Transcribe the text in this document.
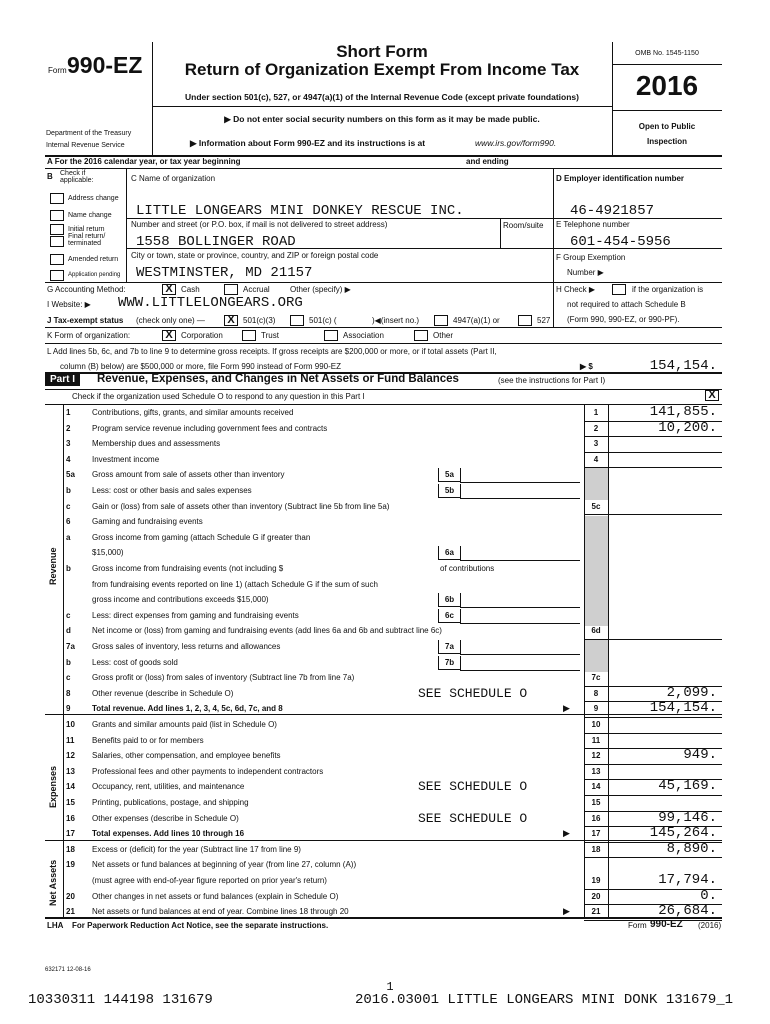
Form 990-EZ
Short Form
Return of Organization Exempt From Income Tax
Under section 501(c), 527, or 4947(a)(1) of the Internal Revenue Code (except private foundations)
▶ Do not enter social security numbers on this form as it may be made public.
▶ Information about Form 990-EZ and its instructions is at	www.irs.gov/form990.
Department of the Treasury
Internal Revenue Service
OMB No. 1545-1150
2016
Open to Public
Inspection
A For the 2016 calendar year, or tax year beginning	and ending
B Check if applicable:
Address change
Name change
Initial return
Final return/ terminated
Amended return
Application pending
C Name of organization
LITTLE LONGEARS MINI DONKEY RESCUE INC.
Number and street (or P.O. box, if mail is not delivered to street address)	Room/suite
1558 BOLLINGER ROAD
City or town, state or province, country, and ZIP or foreign postal code
WESTMINSTER, MD 21157
D Employer identification number
46-4921857
E Telephone number
601-454-5956
F Group Exemption
Number ▶
G Accounting Method:	X	Cash	Accrual	Other (specify) ▶	H Check ▶	if the organization is
not required to attach Schedule B
(Form 990, 990-EZ, or 990-PF).
I Website: ▶ WWW.LITTLELONGEARS.ORG
J Tax-exempt status (check only one) —	X	501(c)(3)	501(c) (	)◀(insert no.)	4947(a)(1) or	527
K Form of organization:	X	Corporation	Trust	Association	Other
L Add lines 5b, 6c, and 7b to line 9 to determine gross receipts. If gross receipts are $200,000 or more, or if total assets (Part II,
column (B) below) are $500,000 or more, file Form 990 instead of Form 990-EZ	▶ $	154,154.
Part I	Revenue, Expenses, and Changes in Net Assets or Fund Balances	(see the instructions for Part I)
Check if the organization used Schedule O to respond to any question in this Part I	X
Revenue
Expenses
Net Assets
1	Contributions, gifts, grants, and similar amounts received	1	141,855.
2	Program service revenue including government fees and contracts	2	10,200.
3	Membership dues and assessments	3
4	Investment income	4
5a Gross amount from sale of assets other than inventory	5a
b	Less: cost or other basis and sales expenses	5b
c	Gain or (loss) from sale of assets other than inventory (Subtract line 5b from line 5a)	5c
6	Gaming and fundraising events
a	Gross income from gaming (attach Schedule G if greater than
$15,000)	6a
b	Gross income from fundraising events (not including $	of contributions
from fundraising events reported on line 1) (attach Schedule G if the sum of such
gross income and contributions exceeds $15,000)	6b
c	Less: direct expenses from gaming and fundraising events	6c
d	Net income or (loss) from gaming and fundraising events (add lines 6a and 6b and subtract line 6c)	6d
7a Gross sales of inventory, less returns and allowances	7a
b	Less: cost of goods sold	7b
c	Gross profit or (loss) from sales of inventory (Subtract line 7b from line 7a)	7c
8	Other revenue (describe in Schedule O)	SEE SCHEDULE O	8	2,099.
9	Total revenue. Add lines 1, 2, 3, 4, 5c, 6d, 7c, and 8	▶	9	154,154.
10 Grants and similar amounts paid (list in Schedule O)	10
11 Benefits paid to or for members	11
12 Salaries, other compensation, and employee benefits	12	949.
13 Professional fees and other payments to independent contractors	13
14 Occupancy, rent, utilities, and maintenance	SEE SCHEDULE O	14	45,169.
15 Printing, publications, postage, and shipping	15
16 Other expenses (describe in Schedule O)	SEE SCHEDULE O	16	99,146.
17 Total expenses. Add lines 10 through 16	▶	17	145,264.
18 Excess or (deficit) for the year (Subtract line 17 from line 9)	18	8,890.
19 Net assets or fund balances at beginning of year (from line 27, column (A))
(must agree with end-of-year figure reported on prior year's return)	19	17,794.
20 Other changes in net assets or fund balances (explain in Schedule O)	20	0.
21 Net assets or fund balances at end of year. Combine lines 18 through 20	▶	21	26,684.
LHA For Paperwork Reduction Act Notice, see the separate instructions.	Form 990-EZ (2016)
632171 12-08-16
1
10330311 144198 131679	2016.03001 LITTLE LONGEARS MINI DONK 131679_1
